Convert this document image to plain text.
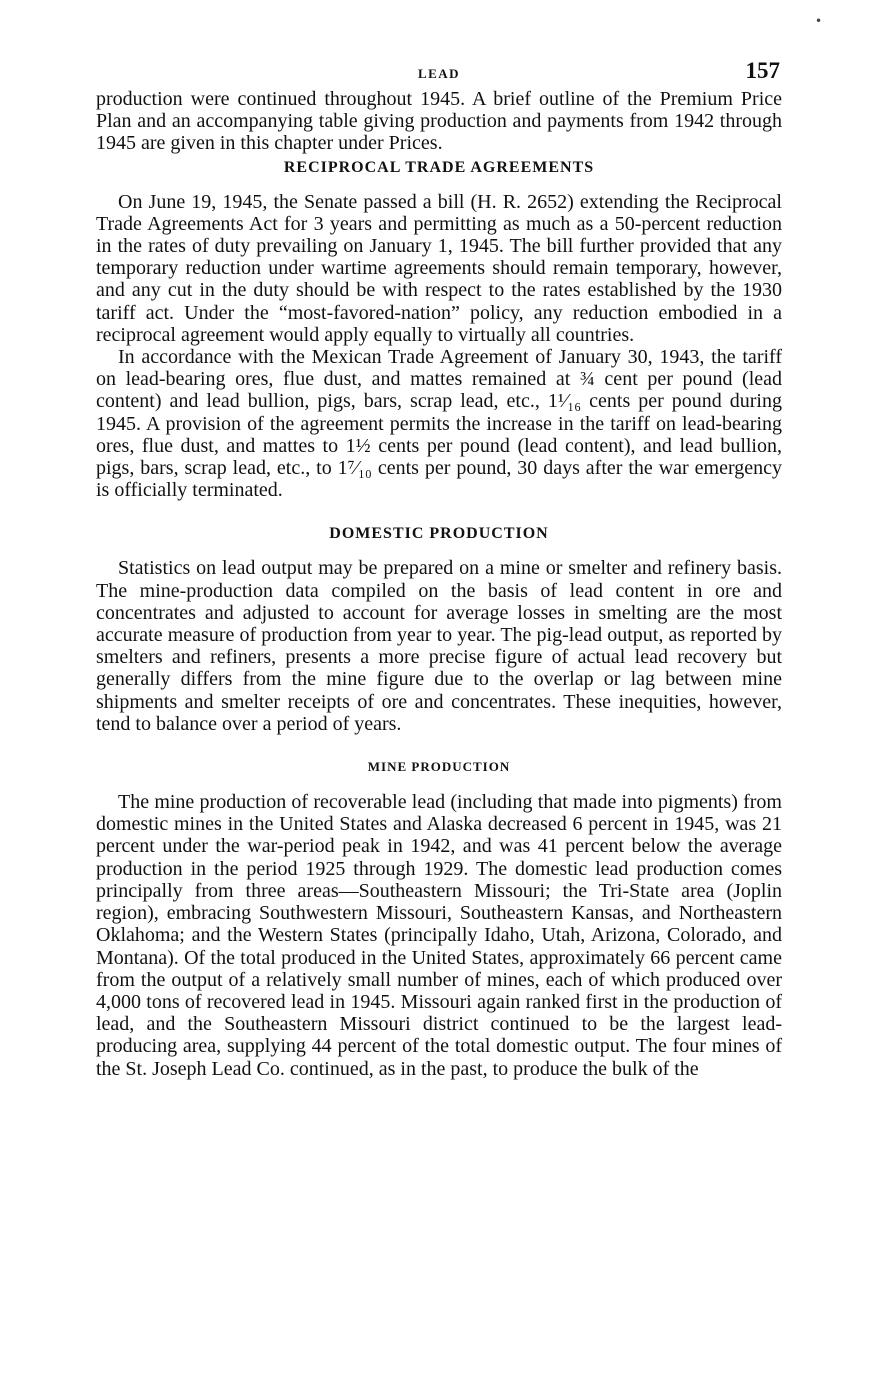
LEAD	157

production were continued throughout 1945. A brief outline of the Premium Price Plan and an accompanying table giving production and payments from 1942 through 1945 are given in this chapter under Prices.

RECIPROCAL TRADE AGREEMENTS

On June 19, 1945, the Senate passed a bill (H. R. 2652) extending the Reciprocal Trade Agreements Act for 3 years and permitting as much as a 50-percent reduction in the rates of duty prevailing on January 1, 1945. The bill further provided that any temporary reduction under wartime agreements should remain temporary, however, and any cut in the duty should be with respect to the rates established by the 1930 tariff act. Under the “most-favored-nation” policy, any reduction embodied in a reciprocal agreement would apply equally to virtually all countries.

In accordance with the Mexican Trade Agreement of January 30, 1943, the tariff on lead-bearing ores, flue dust, and mattes remained at ¾ cent per pound (lead content) and lead bullion, pigs, bars, scrap lead, etc., 1¹⁄₁₆ cents per pound during 1945. A provision of the agreement permits the increase in the tariff on lead-bearing ores, flue dust, and mattes to 1½ cents per pound (lead content), and lead bullion, pigs, bars, scrap lead, etc., to 1⁷⁄₁₀ cents per pound, 30 days after the war emergency is officially terminated.

DOMESTIC PRODUCTION

Statistics on lead output may be prepared on a mine or smelter and refinery basis. The mine-production data compiled on the basis of lead content in ore and concentrates and adjusted to account for average losses in smelting are the most accurate measure of production from year to year. The pig-lead output, as reported by smelters and refiners, presents a more precise figure of actual lead recovery but generally differs from the mine figure due to the overlap or lag between mine shipments and smelter receipts of ore and concentrates. These inequities, however, tend to balance over a period of years.

MINE PRODUCTION

The mine production of recoverable lead (including that made into pigments) from domestic mines in the United States and Alaska decreased 6 percent in 1945, was 21 percent under the war-period peak in 1942, and was 41 percent below the average production in the period 1925 through 1929. The domestic lead production comes principally from three areas—Southeastern Missouri; the Tri-State area (Joplin region), embracing Southwestern Missouri, Southeastern Kansas, and Northeastern Oklahoma; and the Western States (principally Idaho, Utah, Arizona, Colorado, and Montana). Of the total produced in the United States, approximately 66 percent came from the output of a relatively small number of mines, each of which produced over 4,000 tons of recovered lead in 1945. Missouri again ranked first in the production of lead, and the Southeastern Missouri district continued to be the largest lead-producing area, supplying 44 percent of the total domestic output. The four mines of the St. Joseph Lead Co. continued, as in the past, to produce the bulk of the

•
